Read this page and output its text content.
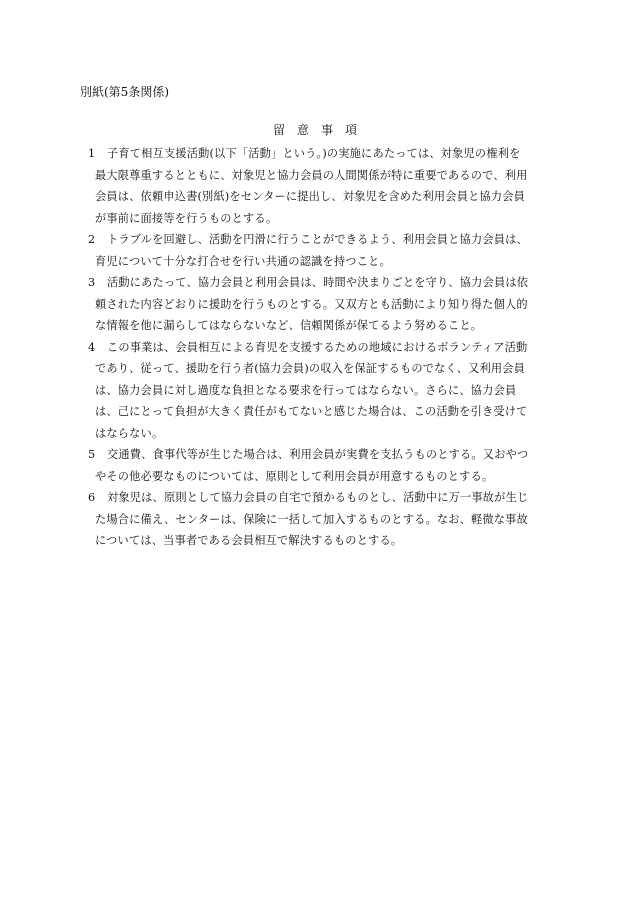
別紙(第5条関係)
留意事項
1	子育て相互支援活動(以下「活動」という。)の実施にあたっては、対象児の権利を
最大限尊重するとともに、対象児と協力会員の人間関係が特に重要であるので、利用
会員は、依頼申込書(別紙)をセンターに提出し、対象児を含めた利用会員と協力会員
が事前に面接等を行うものとする。
2	トラブルを回避し、活動を円滑に行うことができるよう、利用会員と協力会員は、
育児について十分な打合せを行い共通の認識を持つこと。
3	活動にあたって、協力会員と利用会員は、時間や決まりごとを守り、協力会員は依
頼された内容どおりに援助を行うものとする。又双方とも活動により知り得た個人的
な情報を他に漏らしてはならないなど、信頼関係が保てるよう努めること。
4	この事業は、会員相互による育児を支援するための地域におけるボランティア活動
であり、従って、援助を行う者(協力会員)の収入を保証するものでなく、又利用会員
は、協力会員に対し過度な負担となる要求を行ってはならない。さらに、協力会員
は、己にとって負担が大きく責任がもてないと感じた場合は、この活動を引き受けて
はならない。
5	交通費、食事代等が生じた場合は、利用会員が実費を支払うものとする。又おやつ
やその他必要なものについては、原則として利用会員が用意するものとする。
6	対象児は、原則として協力会員の自宅で預かるものとし、活動中に万一事故が生じ
た場合に備え、センターは、保険に一括して加入するものとする。なお、軽微な事故
については、当事者である会員相互で解決するものとする。
